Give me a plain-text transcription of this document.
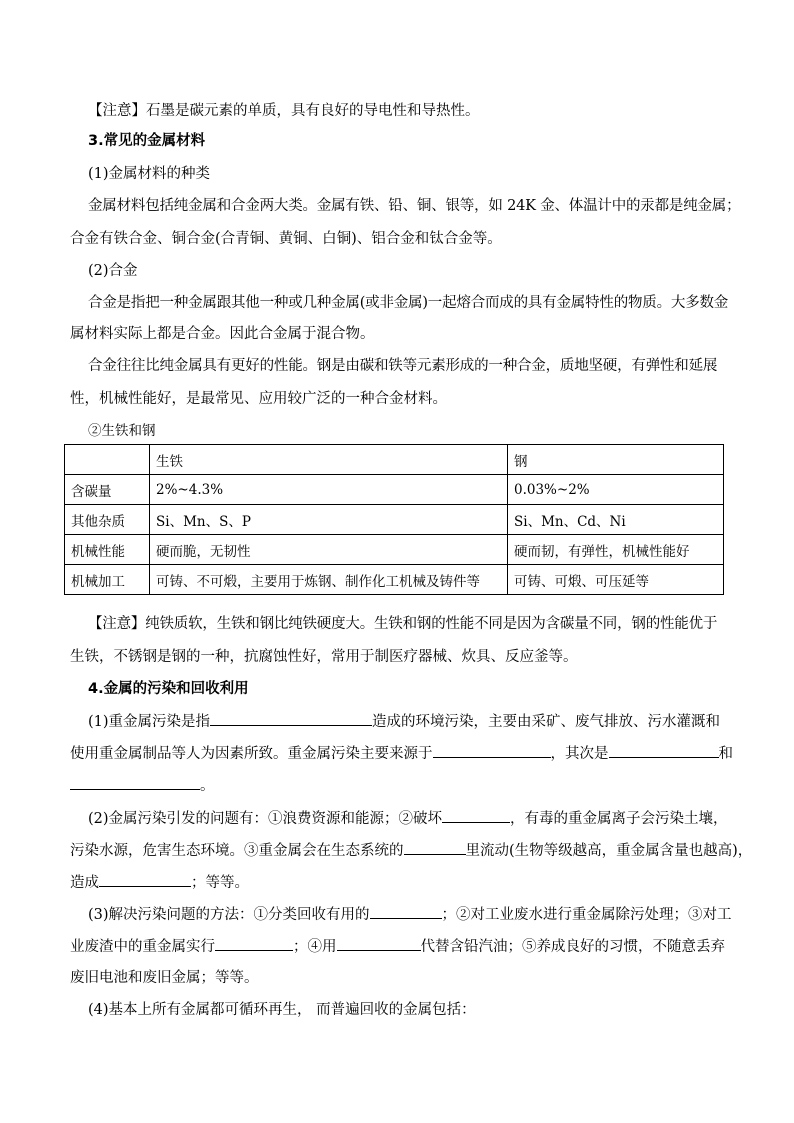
【注意】石墨是碳元素的单质，具有良好的导电性和导热性。
3.常见的金属材料
(1)金属材料的种类
金属材料包括纯金属和合金两大类。金属有铁、铅、铜、银等，如 24K 金、体温计中的汞都是纯金属；
合金有铁合金、铜合金(合青铜、黄铜、白铜)、铝合金和钛合金等。
(2)合金
合金是指把一种金属跟其他一种或几种金属(或非金属)一起熔合而成的具有金属特性的物质。大多数金
属材料实际上都是合金。因此合金属于混合物。
合金往往比纯金属具有更好的性能。钢是由碳和铁等元素形成的一种合金，质地坚硬，有弹性和延展
性，机械性能好，是最常见、应用较广泛的一种合金材料。
②生铁和钢
	生铁	钢
含碳量	2%~4.3%	0.03%~2%
其他杂质	Si、Mn、S、P	Si、Mn、Cd、Ni
机械性能	硬而脆，无韧性	硬而韧，有弹性，机械性能好
机械加工	可铸、不可煅，主要用于炼钢、制作化工机械及铸件等	可铸、可煅、可压延等
【注意】纯铁质软，生铁和钢比纯铁硬度大。生铁和钢的性能不同是因为含碳量不同，钢的性能优于
生铁，不锈钢是钢的一种，抗腐蚀性好，常用于制医疗器械、炊具、反应釜等。
4.金属的污染和回收利用
(1)重金属污染是指	造成的环境污染，主要由采矿、废气排放、污水灌溉和
使用重金属制品等人为因素所致。重金属污染主要来源于	，其次是	和
。
(2)金属污染引发的问题有：①浪费资源和能源；②破坏	，有毒的重金属离子会污染土壤，
污染水源，危害生态环境。③重金属会在生态系统的	里流动(生物等级越高，重金属含量也越高)，
造成	；等等。
(3)解决污染问题的方法：①分类回收有用的	；②对工业废水进行重金属除污处理；③对工
业废渣中的重金属实行	；④用	代替含铅汽油；⑤养成良好的习惯，不随意丢弃
废旧电池和废旧金属；等等。
(4)基本上所有金属都可循环再生， 而普遍回收的金属包括：
